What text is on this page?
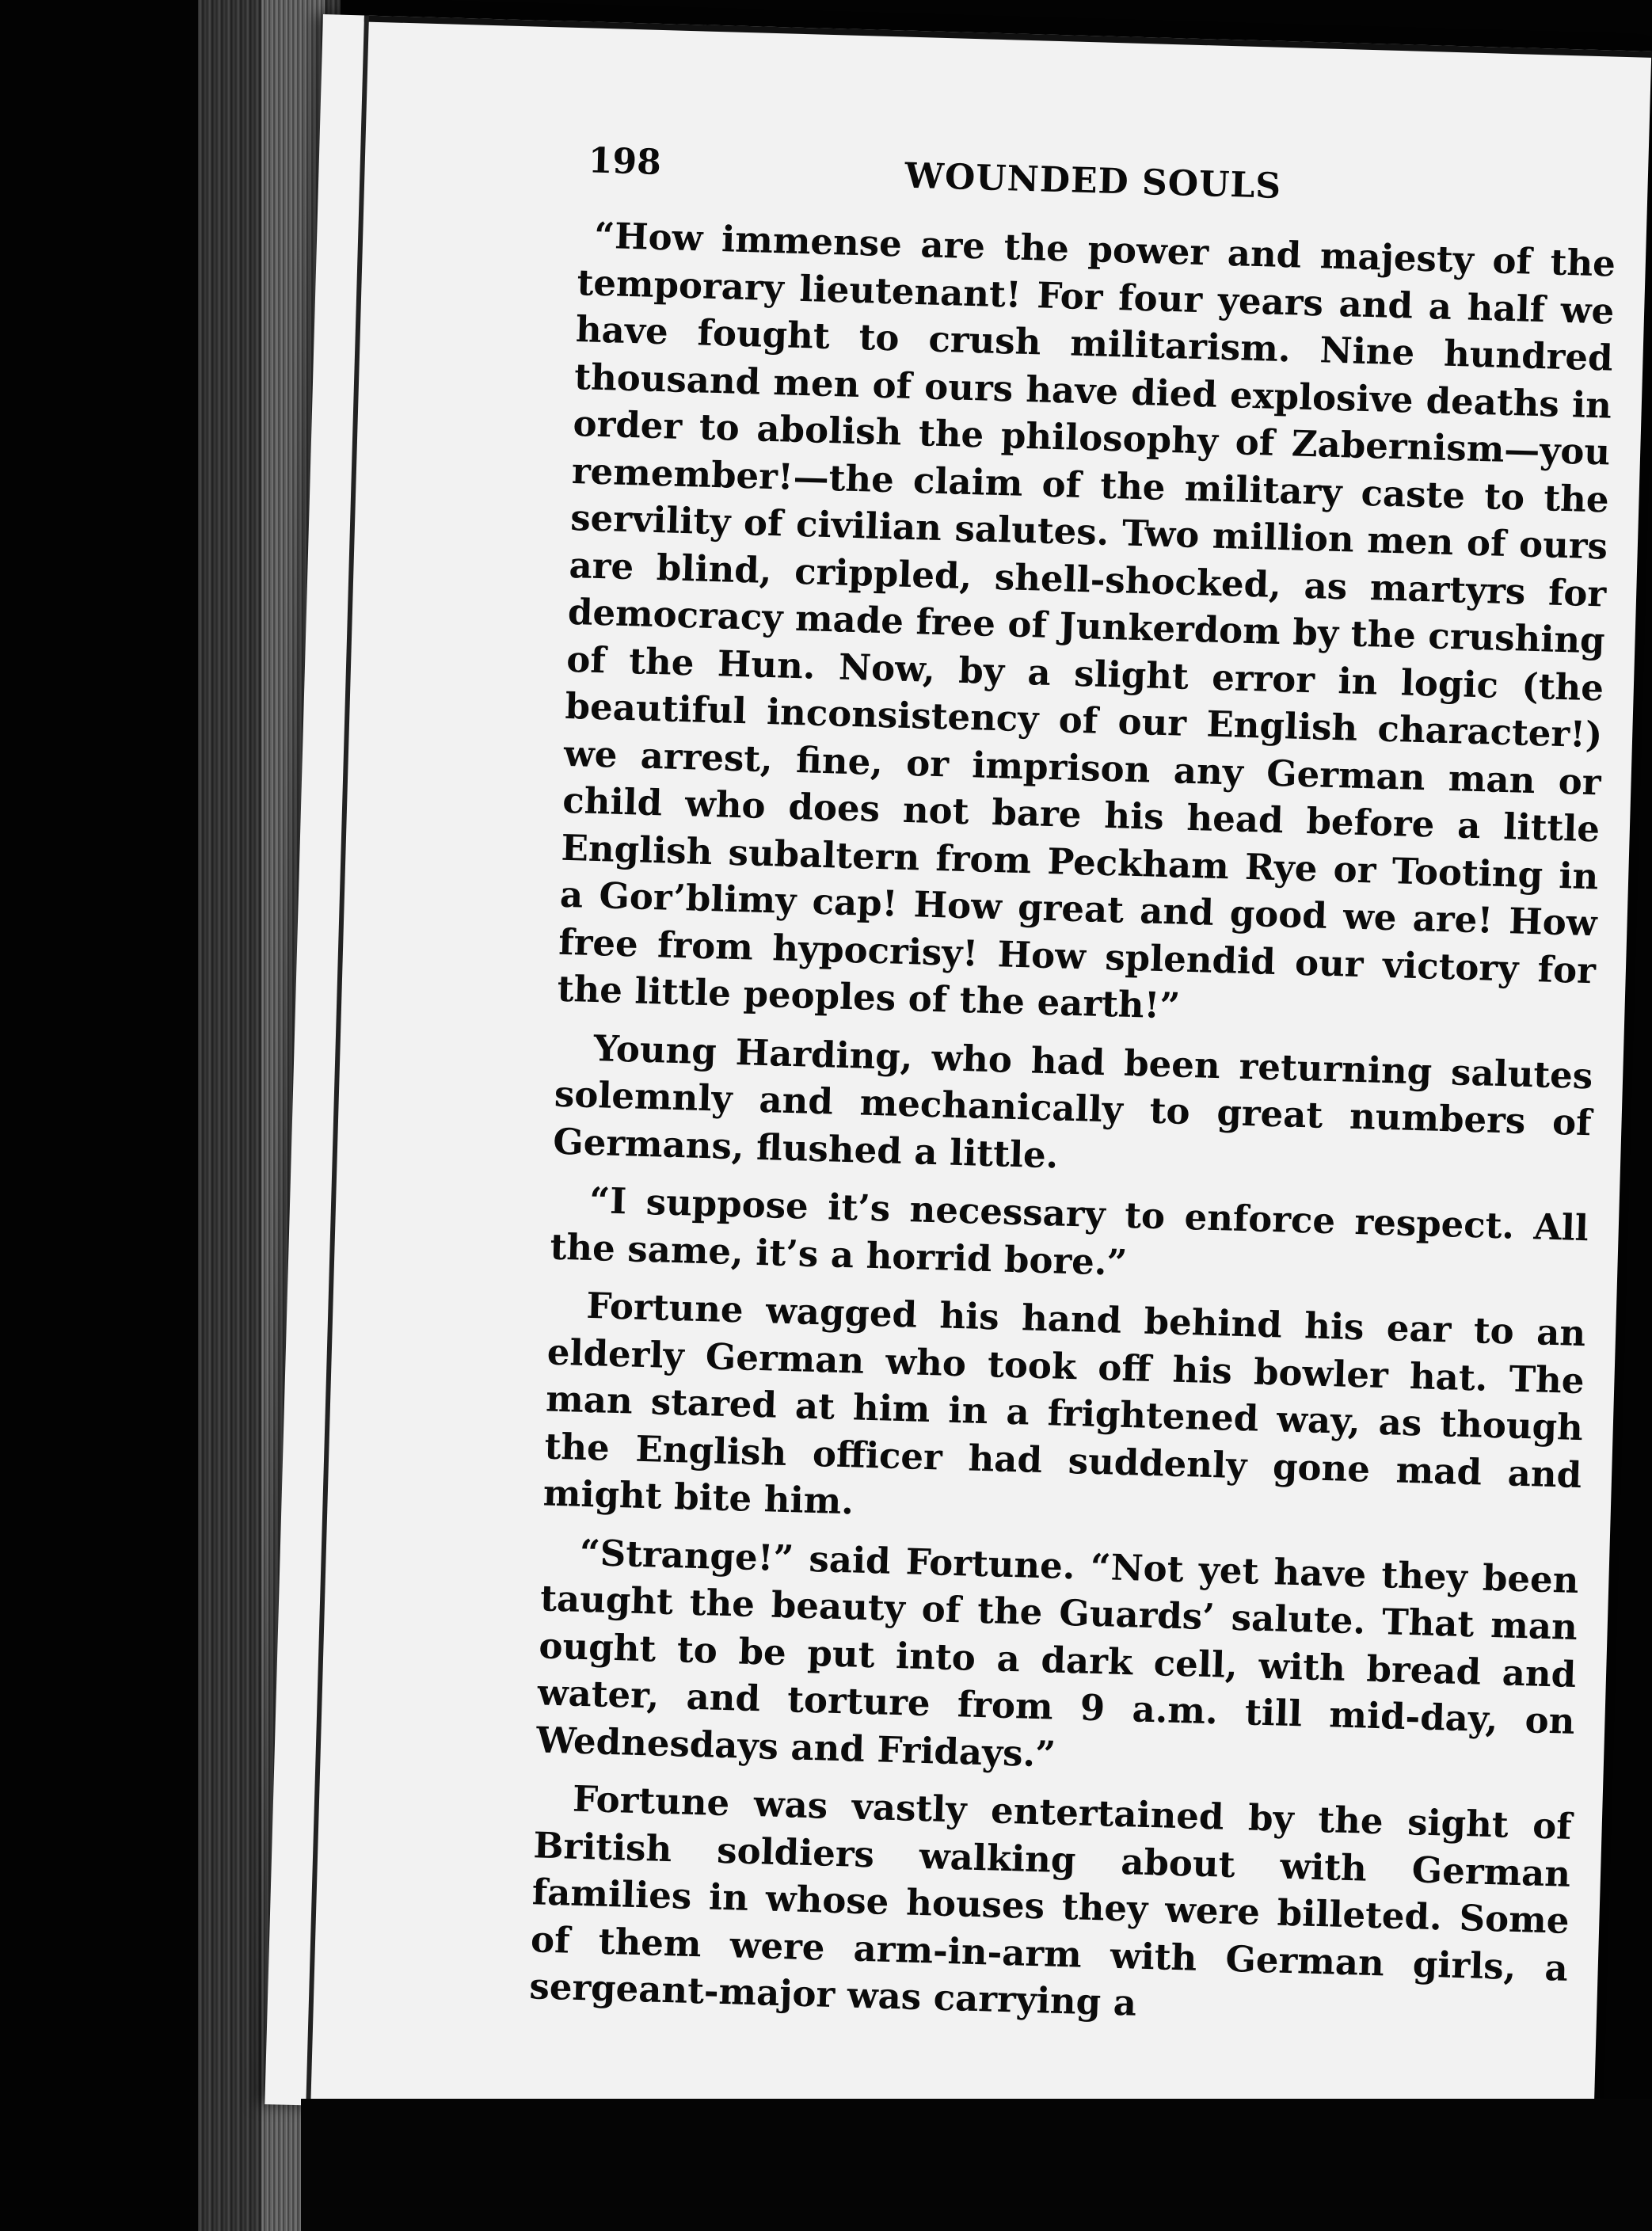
198	WOUNDED SOULS

“How immense are the power and majesty of the temporary lieutenant! For four years and a half we have fought to crush militarism. Nine hundred thousand men of ours have died explosive deaths in order to abolish the philosophy of Zabernism—you remember!—the claim of the military caste to the servility of civilian salutes. Two million men of ours are blind, crippled, shell-shocked, as martyrs for democracy made free of Junkerdom by the crushing of the Hun. Now, by a slight error in logic (the beautiful inconsistency of our English character!) we arrest, fine, or imprison any German man or child who does not bare his head before a little English subaltern from Peckham Rye or Tooting in a Gor’blimy cap! How great and good we are! How free from hypocrisy! How splendid our victory for the little peoples of the earth!”

Young Harding, who had been returning salutes solemnly and mechanically to great numbers of Germans, flushed a little.

“I suppose it’s necessary to enforce respect. All the same, it’s a horrid bore.”

Fortune wagged his hand behind his ear to an elderly German who took off his bowler hat. The man stared at him in a frightened way, as though the English officer had suddenly gone mad and might bite him.

“Strange!” said Fortune. “Not yet have they been taught the beauty of the Guards’ salute. That man ought to be put into a dark cell, with bread and water, and torture from 9 a.m. till mid-day, on Wednesdays and Fridays.”

Fortune was vastly entertained by the sight of British soldiers walking about with German families in whose houses they were billeted. Some of them were arm-in-arm with German girls, a sergeant-major was carrying a
